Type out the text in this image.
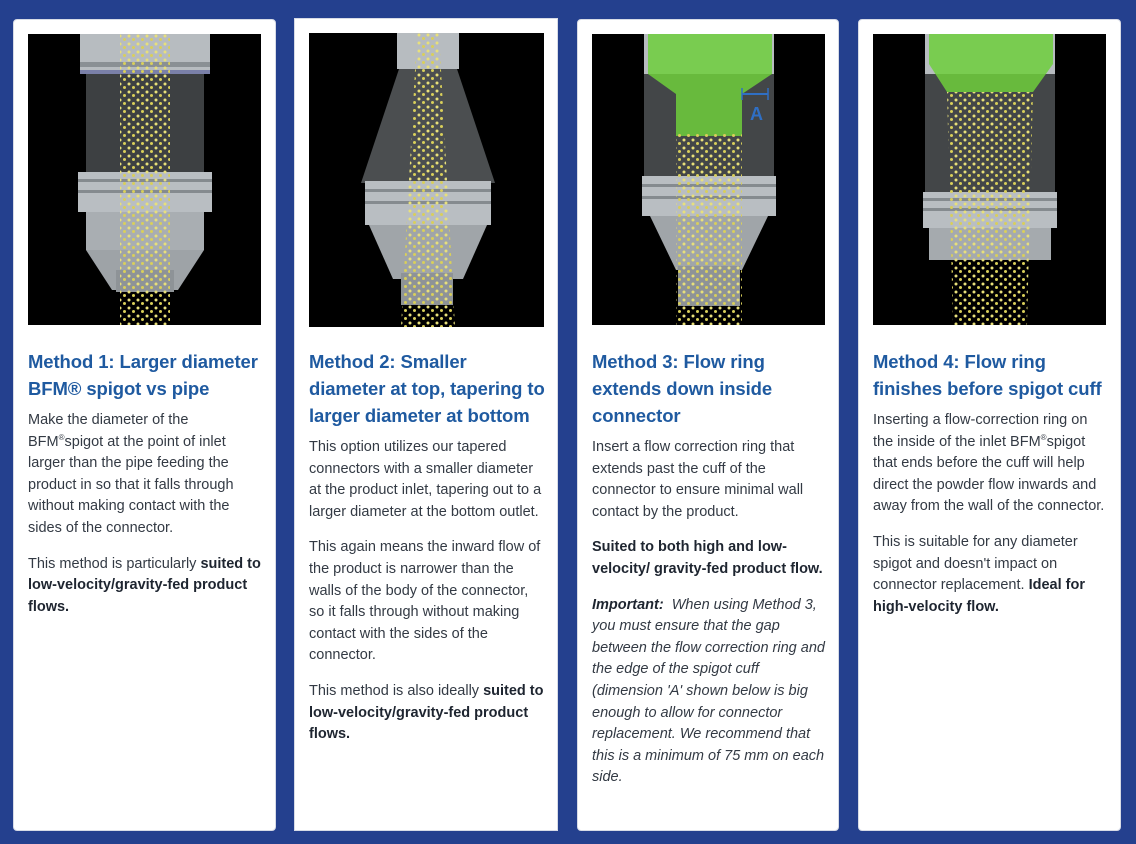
Method 1: Larger diameter BFM® spigot vs pipe

Make the diameter of the BFM®spigot at the point of inlet larger than the pipe feeding the product in so that it falls through without making contact with the sides of the connector.

This method is particularly suited to low-velocity/gravity-fed product flows.

Method 2: Smaller diameter at top, tapering to larger diameter at bottom

This option utilizes our tapered connectors with a smaller diameter at the product inlet, tapering out to a larger diameter at the bottom outlet.

This again means the inward flow of the product is narrower than the walls of the body of the connector, so it falls through without making contact with the sides of the connector.

This method is also ideally suited to low-velocity/gravity-fed product flows.

A
Method 3: Flow ring extends down inside connector

Insert a flow correction ring that extends past the cuff of the connector to ensure minimal wall contact by the product.

Suited to both high and low-velocity/ gravity-fed product flow.

Important: When using Method 3, you must ensure that the gap between the flow correction ring and the edge of the spigot cuff (dimension 'A' shown below is big enough to allow for connector replacement. We recommend that this is a minimum of 75 mm on each side.

Method 4: Flow ring finishes before spigot cuff

Inserting a flow-correction ring on the inside of the inlet BFM®spigot that ends before the cuff will help direct the powder flow inwards and away from the wall of the connector.

This is suitable for any diameter spigot and doesn't impact on connector replacement. Ideal for high-velocity flow.
